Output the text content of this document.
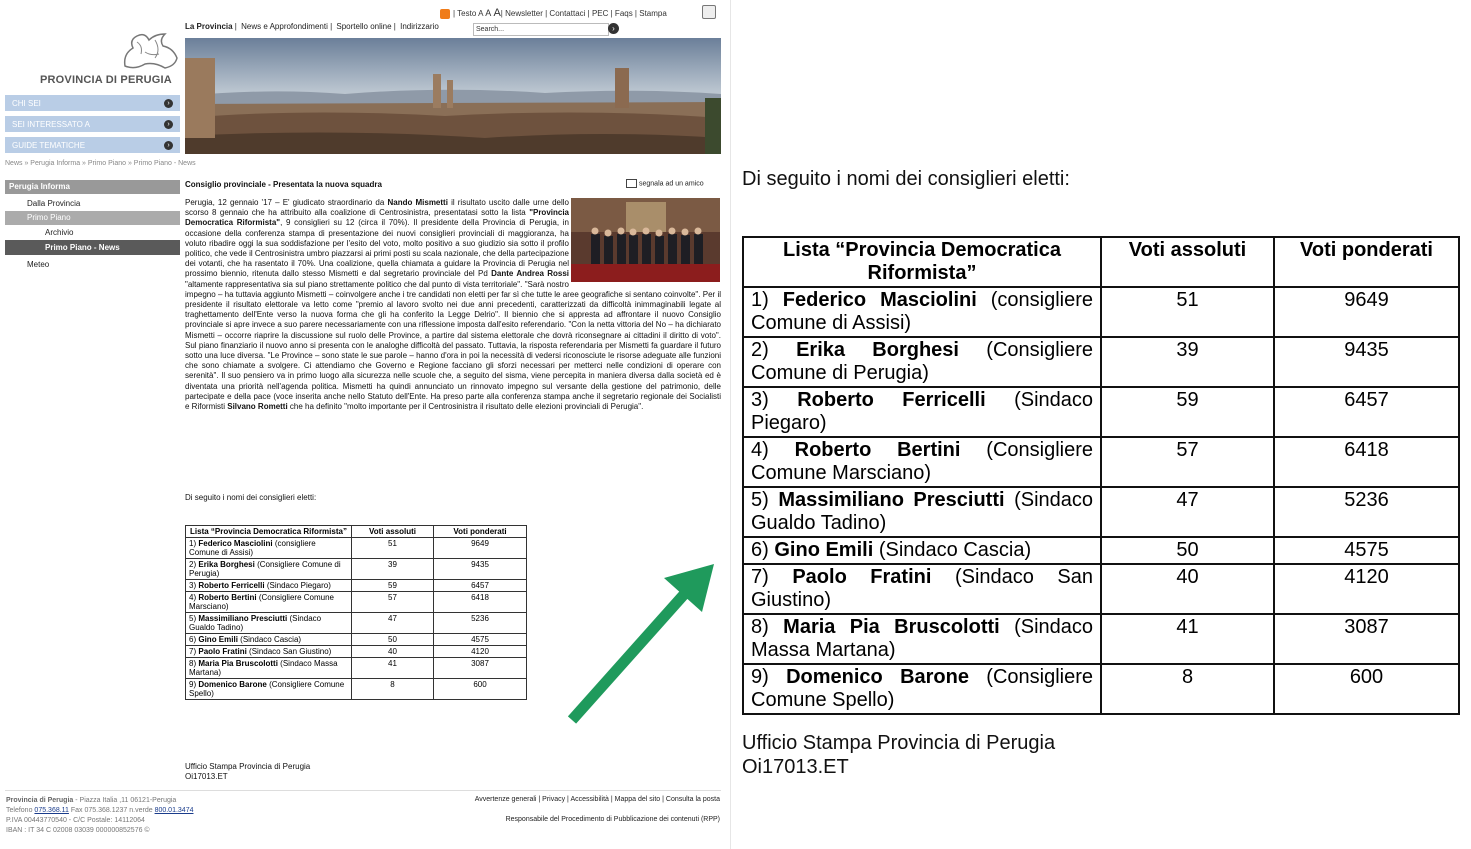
PROVINCIA DI PERUGIA
| Testo A A A| Newsletter | Contattaci | PEC | Faqs | Stampa
La Provincia | News e Approfondimenti | Sportello online | Indirizzario	Search...	›
CHI SEI	›
SEI INTERESSATO A	›
GUIDE TEMATICHE	›
News » Perugia Informa » Primo Piano » Primo Piano - News
Perugia Informa
Dalla Provincia
Primo Piano
Archivio
Primo Piano - News
Meteo
Consiglio provinciale - Presentata la nuova squadra	segnala ad un amico
Perugia, 12 gennaio '17 – E' giudicato straordinario da Nando Mismetti il risultato uscito dalle urne dello scorso 8 gennaio che ha attribuito alla coalizione di Centrosinistra, presentatasi sotto la lista "Provincia Democratica Riformista", 9 consiglieri su 12 (circa il 70%). Il presidente della Provincia di Perugia, in occasione della conferenza stampa di presentazione dei nuovi consiglieri provinciali di maggioranza, ha voluto ribadire oggi la sua soddisfazione per l'esito del voto, molto positivo a suo giudizio sia sotto il profilo politico, che vede il Centrosinistra umbro piazzarsi ai primi posti su scala nazionale, che della partecipazione dei votanti, che ha rasentato il 70%. Una coalizione, quella chiamata a guidare la Provincia di Perugia nel prossimo biennio, ritenuta dallo stesso Mismetti e dal segretario provinciale del Pd Dante Andrea Rossi "altamente rappresentativa sia sul piano strettamente politico che dal punto di vista territoriale". "Sarà nostro impegno – ha tuttavia aggiunto Mismetti – coinvolgere anche i tre candidati non eletti per far sì che tutte le aree geografiche si sentano coinvolte". Per il presidente il risultato elettorale va letto come "premio al lavoro svolto nei due anni precedenti, caratterizzati da difficoltà inimmaginabili legate al traghettamento dell'Ente verso la nuova forma che gli ha conferito la Legge Delrio". Il biennio che si appresta ad affrontare il nuovo Consiglio provinciale si apre invece a suo parere necessariamente con una riflessione imposta dall'esito referendario. "Con la netta vittoria del No – ha dichiarato Mismetti – occorre riaprire la discussione sul ruolo delle Province, a partire dal sistema elettorale che dovrà riconsegnare ai cittadini il diritto di voto". Sul piano finanziario il nuovo anno si presenta con le analoghe difficoltà del passato. Tuttavia, la risposta referendaria per Mismetti fa guardare il futuro sotto una luce diversa. "Le Province – sono state le sue parole – hanno d'ora in poi la necessità di vedersi riconosciute le risorse adeguate alle funzioni che sono chiamate a svolgere. Ci attendiamo che Governo e Regione facciano gli sforzi necessari per metterci nelle condizioni di operare con serenità". Il suo pensiero va in primo luogo alla sicurezza nelle scuole che, a seguito del sisma, viene percepita in maniera diversa dalla società ed è diventata una priorità nell'agenda politica. Mismetti ha quindi annunciato un rinnovato impegno sul versante della gestione del patrimonio, delle partecipate e della pace (voce inserita anche nello Statuto dell'Ente. Ha preso parte alla conferenza stampa anche il segretario regionale dei Socialisti e Riformisti Silvano Rometti che ha definito "molto importante per il Centrosinistra il risultato delle elezioni provinciali di Perugia".
Di seguito i nomi dei consiglieri eletti:
Lista “Provincia Democratica Riformista”	Voti assoluti	Voti ponderati
1) Federico Masciolini (consigliere Comune di Assisi)	51	9649
2) Erika Borghesi (Consigliere Comune di Perugia)	39	9435
3) Roberto Ferricelli (Sindaco Piegaro)	59	6457
4) Roberto Bertini (Consigliere Comune Marsciano)	57	6418
5) Massimiliano Presciutti (Sindaco Gualdo Tadino)	47	5236
6) Gino Emili (Sindaco Cascia)	50	4575
7) Paolo Fratini (Sindaco San Giustino)	40	4120
8) Maria Pia Bruscolotti (Sindaco Massa Martana)	41	3087
9) Domenico Barone (Consigliere Comune Spello)	8	600
Ufficio Stampa Provincia di Perugia
Oi17013.ET
Provincia di Perugia - Piazza Italia ,11 06121-Perugia
Telefono 075.368.11 Fax 075.368.1237 n.verde 800.01.3474
P.IVA 00443770540 - C/C Postale: 14112064
IBAN : IT 34 C 02008 03039 000000852576 ©
Avvertenze generali | Privacy | Accessibilità | Mappa del sito | Consulta la posta
Responsabile del Procedimento di Pubblicazione dei contenuti (RPP)
Di seguito i nomi dei consiglieri eletti:
Lista “Provincia Democratica Riformista”	Voti assoluti	Voti ponderati
1) Federico Masciolini (consigliere Comune di Assisi)	51	9649
2) Erika Borghesi (Consigliere Comune di Perugia)	39	9435
3) Roberto Ferricelli (Sindaco Piegaro)	59	6457
4) Roberto Bertini (Consigliere Comune Marsciano)	57	6418
5) Massimiliano Presciutti (Sindaco Gualdo Tadino)	47	5236
6) Gino Emili (Sindaco Cascia)	50	4575
7) Paolo Fratini (Sindaco San Giustino)	40	4120
8) Maria Pia Bruscolotti (Sindaco Massa Martana)	41	3087
9) Domenico Barone (Consigliere Comune Spello)	8	600
Ufficio Stampa Provincia di Perugia
Oi17013.ET
